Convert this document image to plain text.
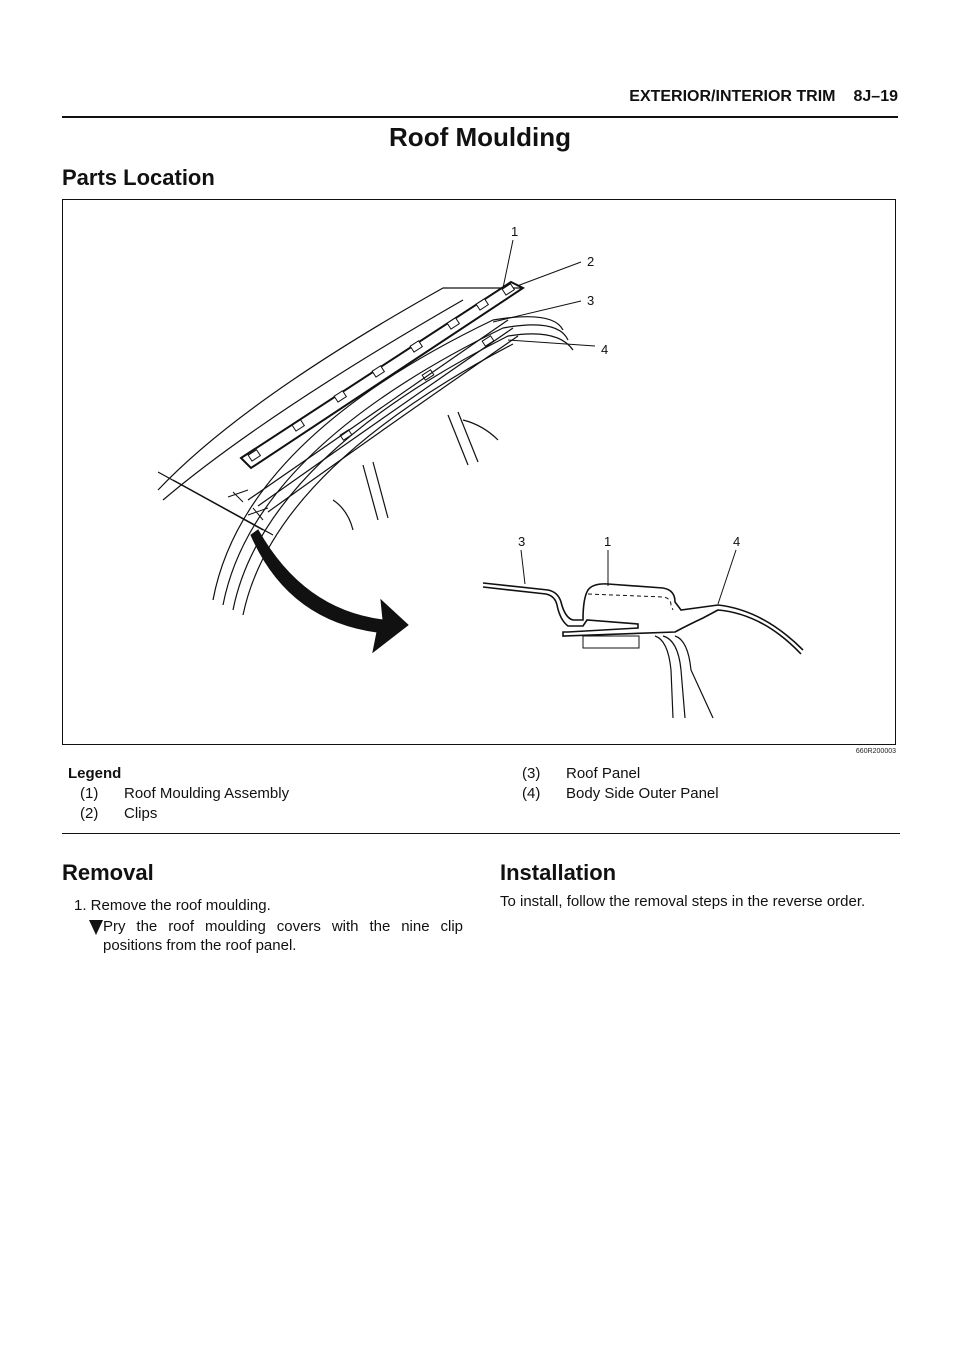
EXTERIOR/INTERIOR TRIM 8J–19
Roof Moulding
Parts Location
1
2
3
4
3	1	4
660R200003
Legend
(1) Roof Moulding Assembly
(2) Clips
(3) Roof Panel
(4) Body Side Outer Panel
Removal
1. Remove the roof moulding.
Pry the roof moulding covers with the nine clip
positions from the roof panel.
Installation
To install, follow the removal steps in the reverse order.
